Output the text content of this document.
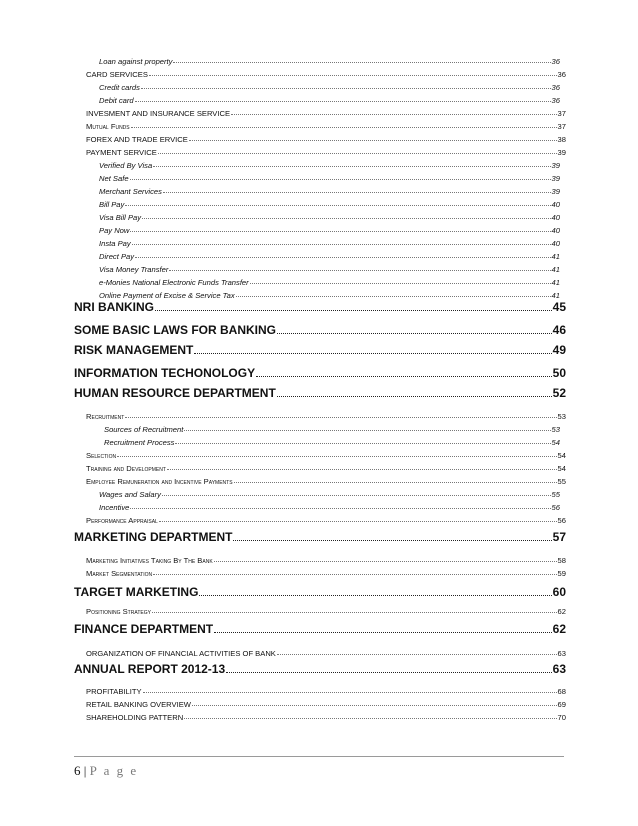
Loan against property	36
CARD SERVICES	36
Credit cards	36
Debit card	36
INVESMENT AND INSURANCE SERVICE	37
Mutual Funds	37
FOREX AND TRADE ERVICE	38
PAYMENT SERVICE	39
Verified By Visa	39
Net Safe	39
Merchant Services	39
Bill Pay	40
Visa Bill Pay	40
Pay Now	40
Insta Pay	40
Direct Pay	41
Visa Money Transfer	41
e-Monies National Electronic Funds Transfer	41
Online Payment of Excise & Service Tax	41
NRI BANKING	45
SOME BASIC LAWS FOR BANKING	46
RISK MANAGEMENT	49
INFORMATION TECHONOLOGY	50
HUMAN RESOURCE DEPARTMENT	52
Recruitment	53
Sources of Recruitment	53
Recruitment Process	54
Selection	54
Training and Development	54
Employee Remuneration and Incentive Payments	55
Wages and Salary	55
Incentive	56
Performance Appraisal	56
MARKETING DEPARTMENT	57
Marketing Initiatives Taking By The Bank	58
Market Segmentation	59
TARGET MARKETING	60
Positioning Strategy	62
FINANCE DEPARTMENT	62
ORGANIZATION OF FINANCIAL ACTIVITIES OF BANK	63
ANNUAL REPORT 2012-13	63
PROFITABILITY	68
RETAIL BANKING OVERVIEW	69
SHAREHOLDING PATTERN	70
6 | P a g e
